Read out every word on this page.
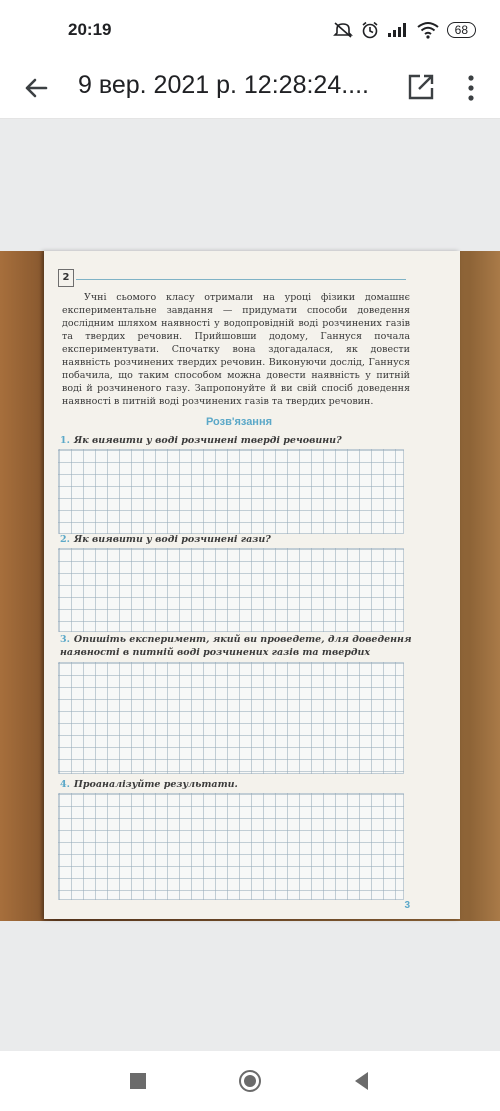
20:19	68
9 вер. 2021 р. 12:28:24....
2

Учні сьомого класу отримали на уроці фізики домашнє експериментальне завдання — придумати способи доведення дослідним шляхом наявності у водопровідній воді розчинених газів та твердих речовин. Прийшовши додому, Ганнуся почала експериментувати. Спочатку вона здогадалася, як довести наявність розчинених твердих речовин. Виконуючи дослід, Ганнуся побачила, що таким способом можна довести наявність у питній воді й розчиненого газу. Запропонуйте й ви свій спосіб доведення наявності в питній воді розчинених газів та твердих речовин.

Розв'язання
1. Як виявити у воді розчинені тверді речовини?
2. Як виявити у воді розчинені гази?
3. Опишіть експеримент, який ви проведете, для доведення наявності в питній воді розчинених газів та твердих
4. Проаналізуйте результати.
3
